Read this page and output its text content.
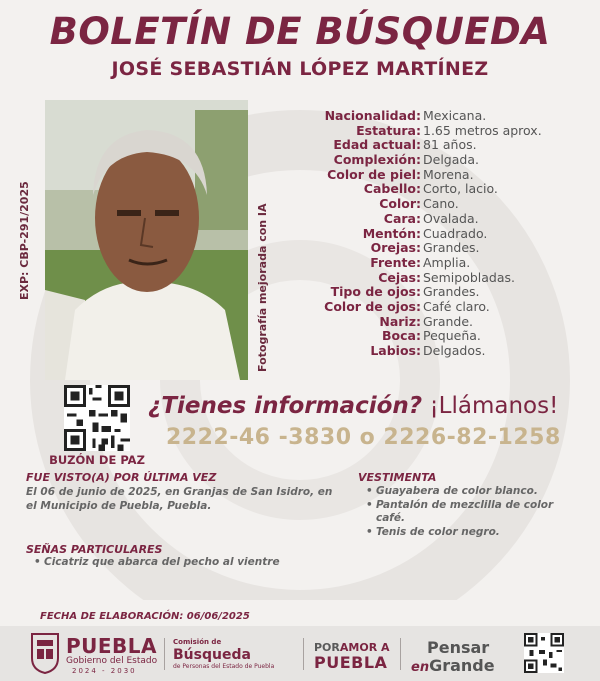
BOLETÍN DE BÚSQUEDA
JOSÉ SEBASTIÁN LÓPEZ MARTÍNEZ
EXP: CBP-291/2025	Fotografía mejorada con IA
Nacionalidad: Mexicana.
Estatura: 1.65 metros aprox.
Edad actual: 81 años.
Complexión: Delgada.
Color de piel: Morena.
Cabello: Corto, lacio.
Color: Cano.
Cara: Ovalada.
Mentón: Cuadrado.
Orejas: Grandes.
Frente: Amplia.
Cejas: Semipobladas.
Tipo de ojos: Grandes.
Color de ojos: Café claro.
Nariz: Grande.
Boca: Pequeña.
Labios: Delgados.
BUZÓN DE PAZ
¿Tienes información? ¡Llámanos!
2222-46 -3830 o 2226-82-1258
FUE VISTO(A) POR ÚLTIMA VEZ
El 06 de junio de 2025, en Granjas de San Isidro, en el Municipio de Puebla, Puebla.
VESTIMENTA
• Guayabera de color blanco.
• Pantalón de mezclilla de color café.
• Tenis de color negro.
SEÑAS PARTICULARES
• Cicatriz que abarca del pecho al vientre
FECHA DE ELABORACIÓN: 06/06/2025
PUEBLA
Gobierno del Estado
2024 - 2030
Comisión de
Búsqueda
de Personas del Estado de Puebla
PORAMOR A
PUEBLA
Pensar
enGrande
